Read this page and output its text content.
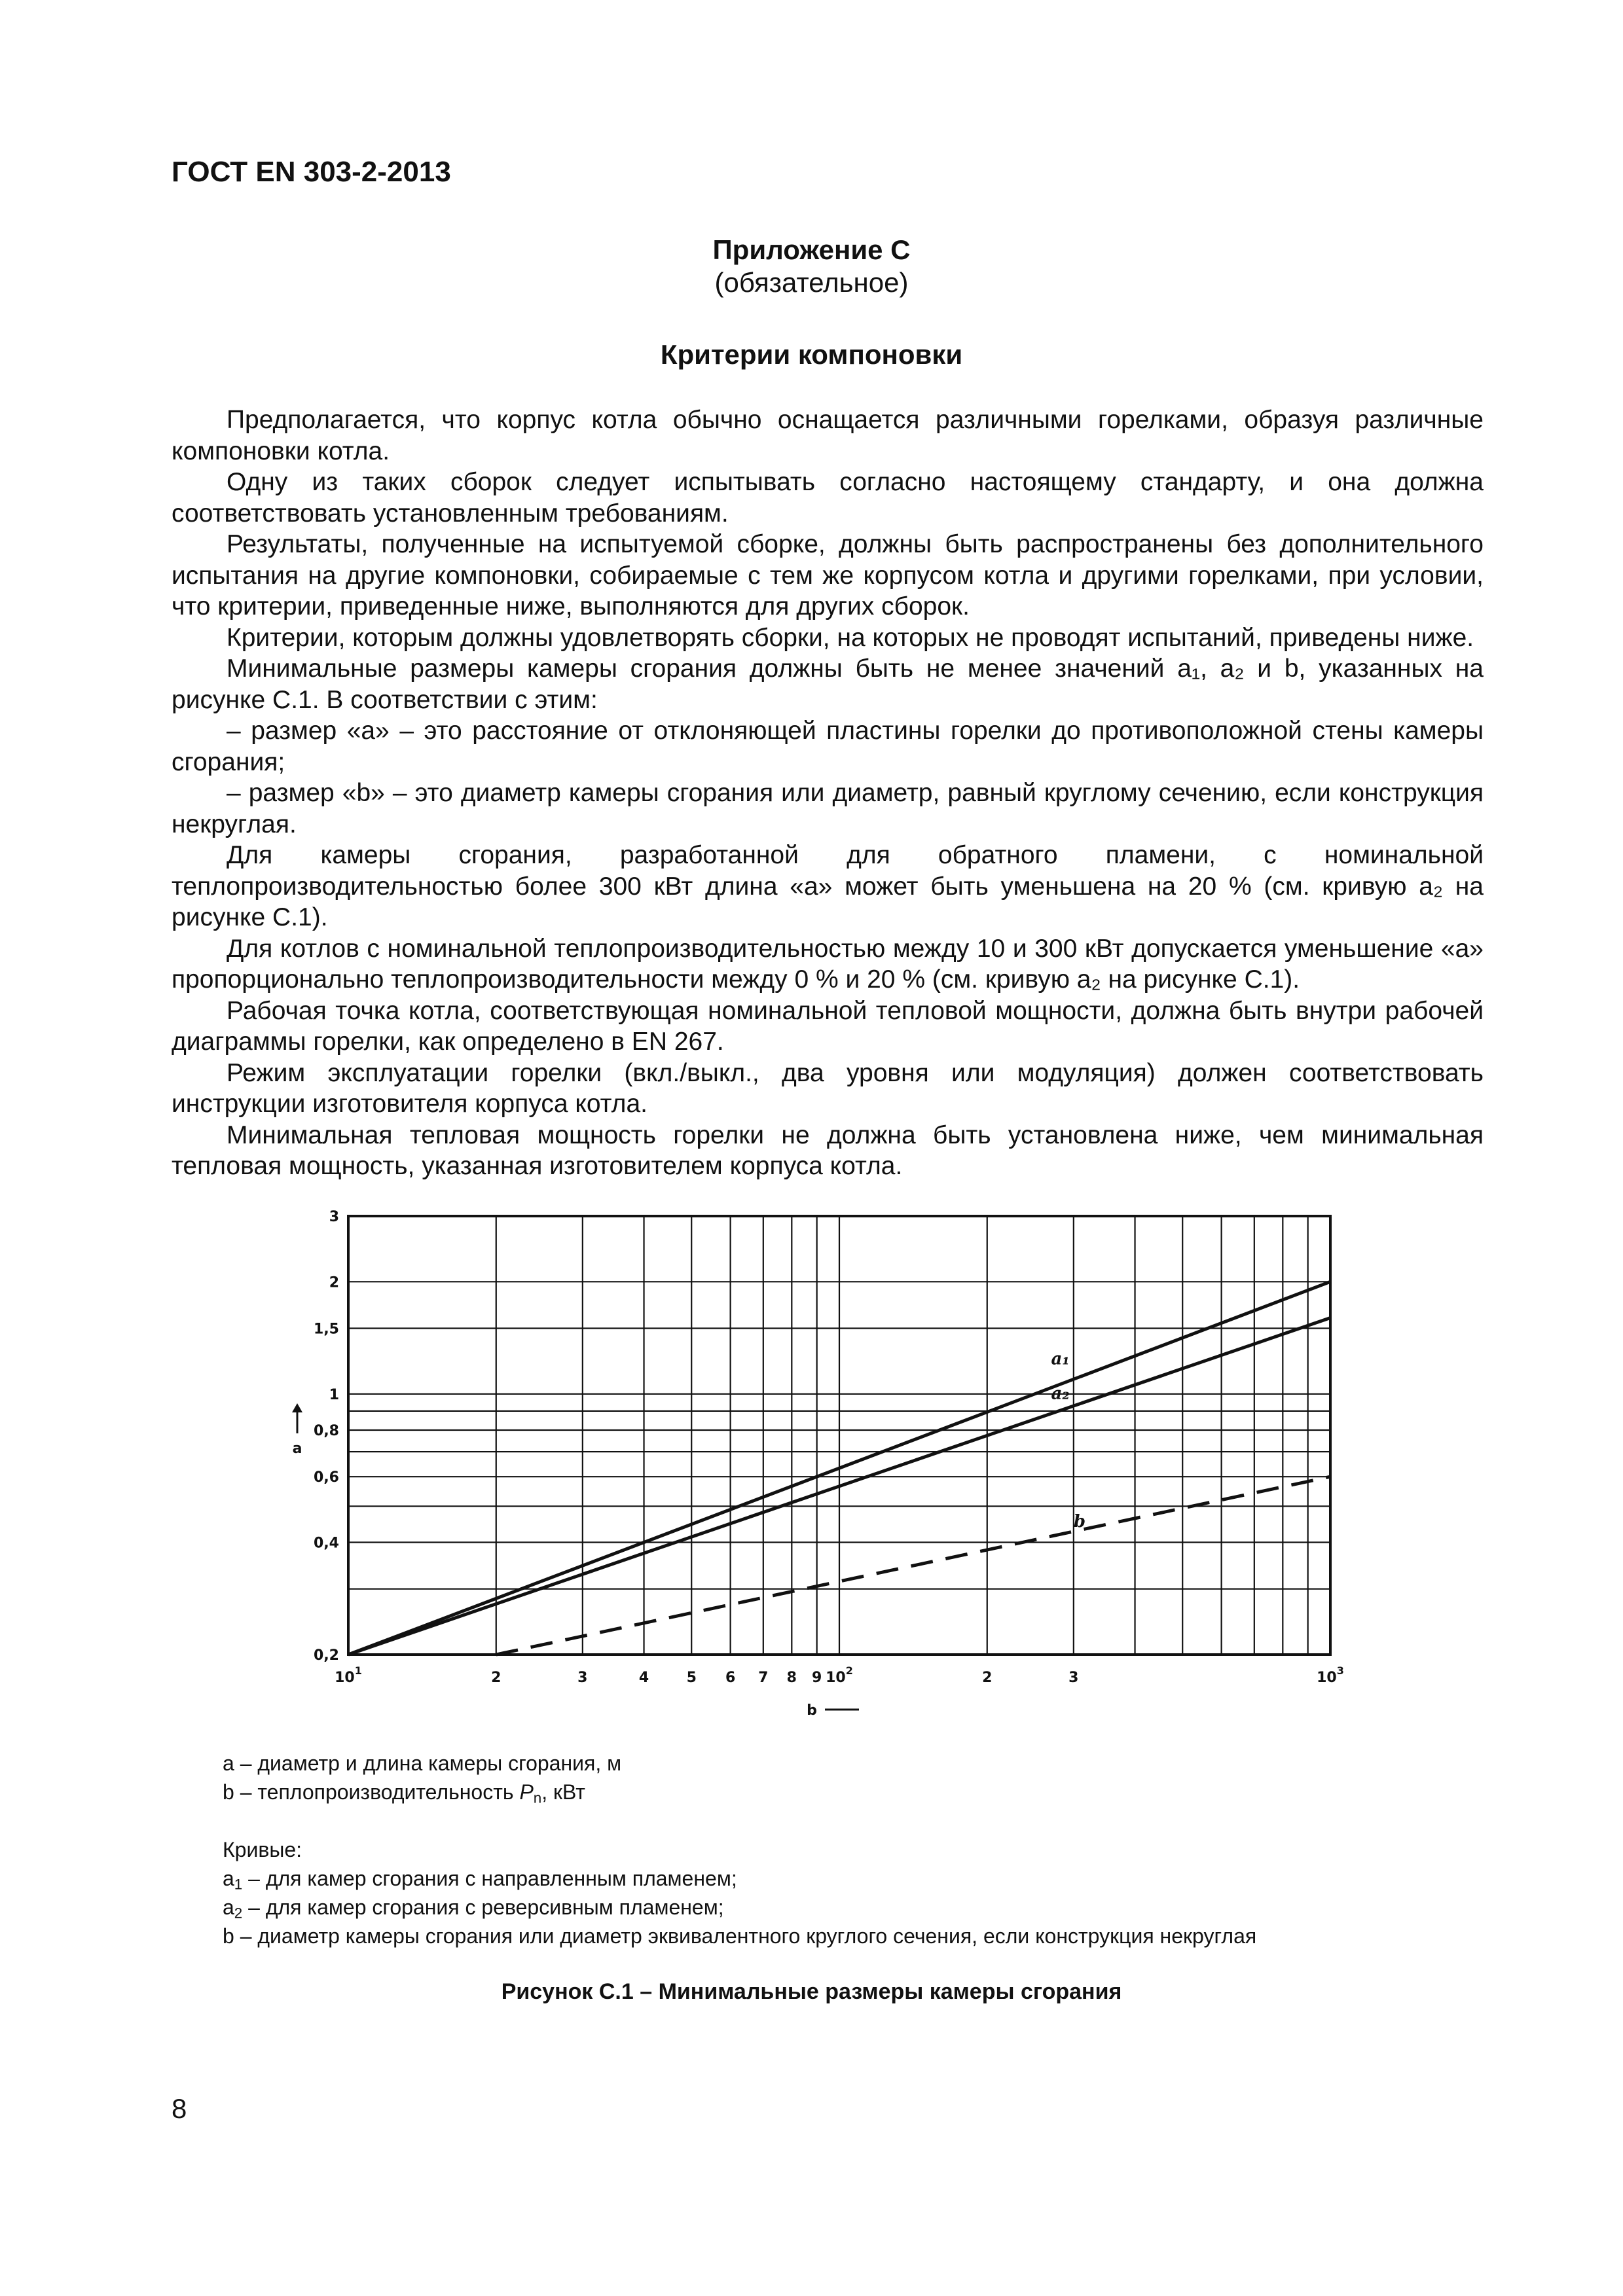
ГОСТ EN 303-2-2013
Приложение С
(обязательное)
Критерии компоновки

Предполагается, что корпус котла обычно оснащается различными горелками, образуя различные компоновки котла.

Одну из таких сборок следует испытывать согласно настоящему стандарту, и она должна соответствовать установленным требованиям.

Результаты, полученные на испытуемой сборке, должны быть распространены без дополнительного испытания на другие компоновки, собираемые с тем же корпусом котла и другими горелками, при условии, что критерии, приведенные ниже, выполняются для других сборок.

Критерии, которым должны удовлетворять сборки, на которых не проводят испытаний, приведены ниже.

Минимальные размеры камеры сгорания должны быть не менее значений a₁, a₂ и b, указанных на рисунке С.1. В соответствии с этим:

– размер «а» – это расстояние от отклоняющей пластины горелки до противоположной стены камеры сгорания;

– размер «b» – это диаметр камеры сгорания или диаметр, равный круглому сечению, если конструкция некруглая.

Для камеры сгорания, разработанной для обратного пламени, с номинальной теплопроизводительностью более 300 кВт длина «а» может быть уменьшена на 20 % (см. кривую a₂ на рисунке С.1).

Для котлов с номинальной теплопроизводительностью между 10 и 300 кВт допускается уменьшение «а» пропорционально теплопроизводительности между 0 % и 20 % (см. кривую a₂ на рисунке С.1).

Рабочая точка котла, соответствующая номинальной тепловой мощности, должна быть внутри рабочей диаграммы горелки, как определено в EN 267.

Режим эксплуатации горелки (вкл./выкл., два уровня или модуляция) должен соответствовать инструкции изготовителя корпуса котла.

Минимальная тепловая мощность горелки не должна быть установлена ниже, чем минимальная тепловая мощность, указанная изготовителем корпуса котла.

a₁
a₂
b
$10^1$	2	3	4	5 6 7 8 9 $10^2$	2	3	$10^3$
0,2
0,4
0,6
0,8
1
1,5
2
3
a
b
a – диаметр и длина камеры сгорания, м
b – теплопроизводительность $P_n$, кВт
Кривые:
$a_1$ – для камер сгорания с направленным пламенем;
$a_2$ – для камер сгорания с реверсивным пламенем;
b – диаметр камеры сгорания или диаметр эквивалентного круглого сечения, если конструкция некруглая
Рисунок С.1 – Минимальные размеры камеры сгорания
8
